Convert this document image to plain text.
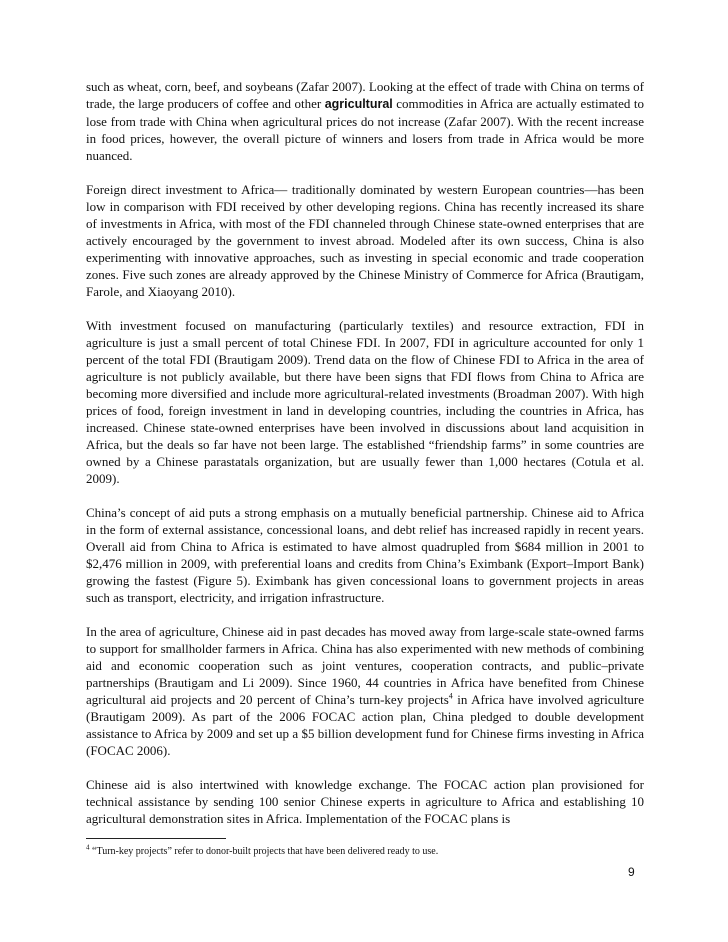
such as wheat, corn, beef, and soybeans (Zafar 2007). Looking at the effect of trade with China on terms of trade, the large producers of coffee and other agricultural commodities in Africa are actually estimated to lose from trade with China when agricultural prices do not increase (Zafar 2007). With the recent increase in food prices, however, the overall picture of winners and losers from trade in Africa would be more nuanced.

Foreign direct investment to Africa— traditionally dominated by western European countries—has been low in comparison with FDI received by other developing regions. China has recently increased its share of investments in Africa, with most of the FDI channeled through Chinese state-owned enterprises that are actively encouraged by the government to invest abroad. Modeled after its own success, China is also experimenting with innovative approaches, such as investing in special economic and trade cooperation zones. Five such zones are already approved by the Chinese Ministry of Commerce for Africa (Brautigam, Farole, and Xiaoyang 2010).

With investment focused on manufacturing (particularly textiles) and resource extraction, FDI in agriculture is just a small percent of total Chinese FDI. In 2007, FDI in agriculture accounted for only 1 percent of the total FDI (Brautigam 2009). Trend data on the flow of Chinese FDI to Africa in the area of agriculture is not publicly available, but there have been signs that FDI flows from China to Africa are becoming more diversified and include more agricultural-related investments (Broadman 2007). With high prices of food, foreign investment in land in developing countries, including the countries in Africa, has increased. Chinese state-owned enterprises have been involved in discussions about land acquisition in Africa, but the deals so far have not been large. The established “friendship farms” in some countries are owned by a Chinese parastatals organization, but are usually fewer than 1,000 hectares (Cotula et al. 2009).

China’s concept of aid puts a strong emphasis on a mutually beneficial partnership. Chinese aid to Africa in the form of external assistance, concessional loans, and debt relief has increased rapidly in recent years. Overall aid from China to Africa is estimated to have almost quadrupled from $684 million in 2001 to $2,476 million in 2009, with preferential loans and credits from China’s Eximbank (Export–Import Bank) growing the fastest (Figure 5). Eximbank has given concessional loans to government projects in areas such as transport, electricity, and irrigation infrastructure.

In the area of agriculture, Chinese aid in past decades has moved away from large-scale state-owned farms to support for smallholder farmers in Africa. China has also experimented with new methods of combining aid and economic cooperation such as joint ventures, cooperation contracts, and public–private partnerships (Brautigam and Li 2009). Since 1960, 44 countries in Africa have benefited from Chinese agricultural aid projects and 20 percent of China’s turn-key projects$^4$ in Africa have involved agriculture (Brautigam 2009). As part of the 2006 FOCAC action plan, China pledged to double development assistance to Africa by 2009 and set up a $5 billion development fund for Chinese firms investing in Africa (FOCAC 2006).

Chinese aid is also intertwined with knowledge exchange. The FOCAC action plan provisioned for technical assistance by sending 100 senior Chinese experts in agriculture to Africa and establishing 10 agricultural demonstration sites in Africa. Implementation of the FOCAC plans is

$^4$ “Turn-key projects” refer to donor-built projects that have been delivered ready to use.
9
